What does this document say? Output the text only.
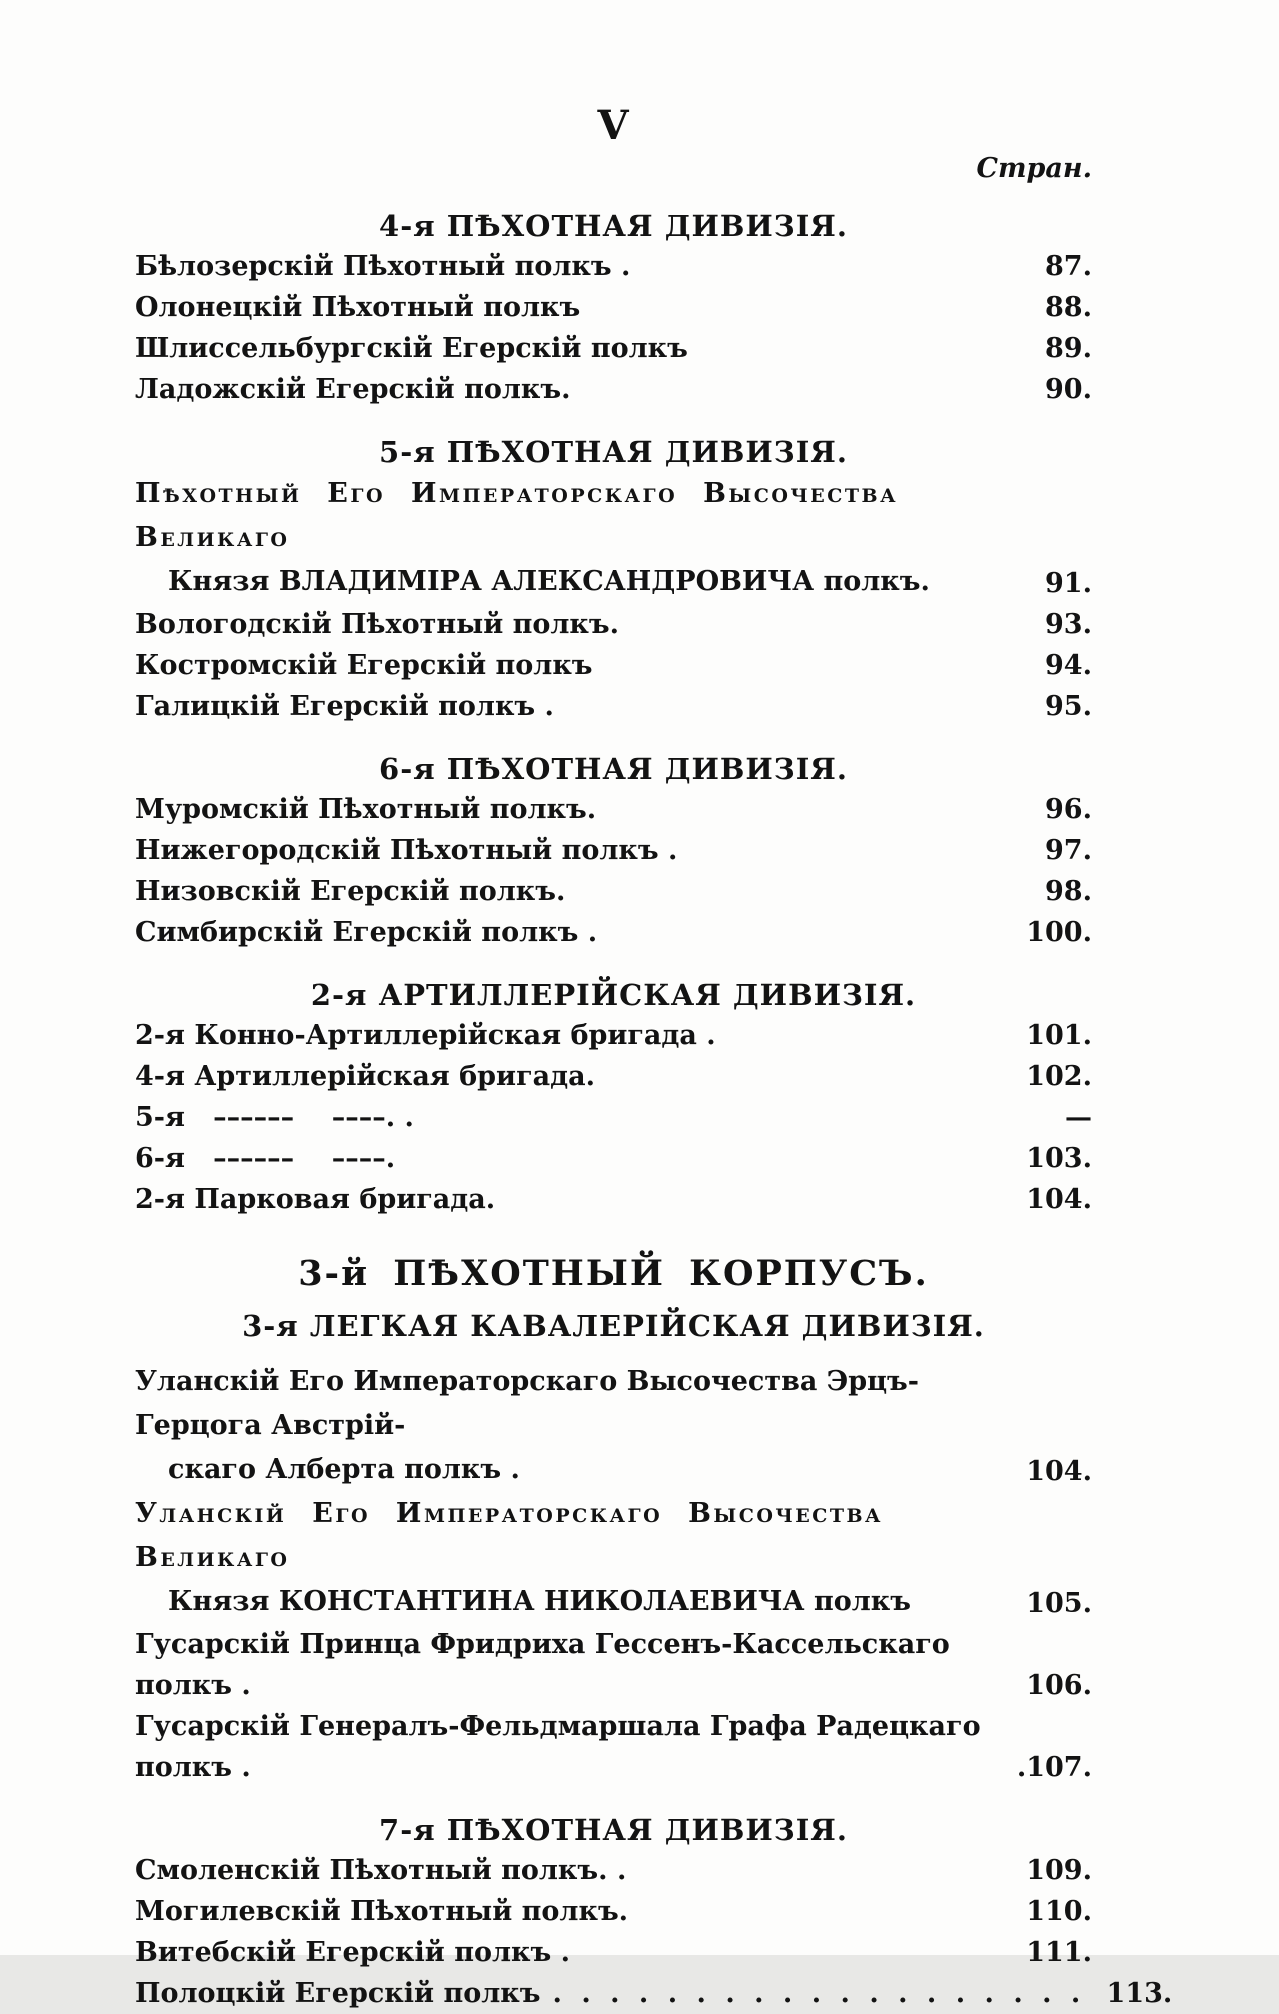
V
Стран.
4-я ПѢХОТНАЯ ДИВИЗІЯ.
Бѣлозерскій Пѣхотный полкъ .	87.
Олонецкій Пѣхотный полкъ	88.
Шлиссельбургскій Егерскій полкъ	89.
Ладожскій Егерскій полкъ.	90.
5-я ПѢХОТНАЯ ДИВИЗІЯ.
Пѣхотный Его Императорскаго Высочества Великаго
Князя ВЛАДИМІРА АЛЕКСАНДРОВИЧА полкъ.	91.
Вологодскій Пѣхотный полкъ.	93.
Костромскій Егерскій полкъ	94.
Галицкій Егерскій полкъ .	95.
6-я ПѢХОТНАЯ ДИВИЗІЯ.
Муромскій Пѣхотный полкъ.	96.
Нижегородскій Пѣхотный полкъ .	97.
Низовскій Егерскій полкъ.	98.
Симбирскій Егерскій полкъ .	100.
2-я АРТИЛЛЕРІЙСКАЯ ДИВИЗІЯ.
2-я Конно-Артиллерійская бригада .	101.
4-я Артиллерійская бригада.	102.
5-я   ––––––    ––––. .	—
6-я   ––––––    ––––.	103.
2-я Парковая бригада.	104.
3-й ПѢХОТНЫЙ КОРПУСЪ.
3-я ЛЕГКАЯ КАВАЛЕРІЙСКАЯ ДИВИЗІЯ.
Уланскій Его Императорскаго Высочества Эрцъ-Герцога Австрій-
скаго Алберта полкъ .	104.
Уланскій Его Императорскаго Высочества Великаго
Князя КОНСТАНТИНА НИКОЛАЕВИЧА полкъ	105.
Гусарскій Принца Фридриха Гессенъ-Кассельскаго полкъ .	106.
Гусарскій Генералъ-Фельдмаршала Графа Радецкаго полкъ .	.107.
7-я ПѢХОТНАЯ ДИВИЗІЯ.
Смоленскій Пѣхотный полкъ. .	109.
Могилевскій Пѣхотный полкъ.	110.
Витебскій Егерскій полкъ .	111.
Полоцкій Егерскій полкъ . . . . . . . . . . . . . . . . . . . 113.
